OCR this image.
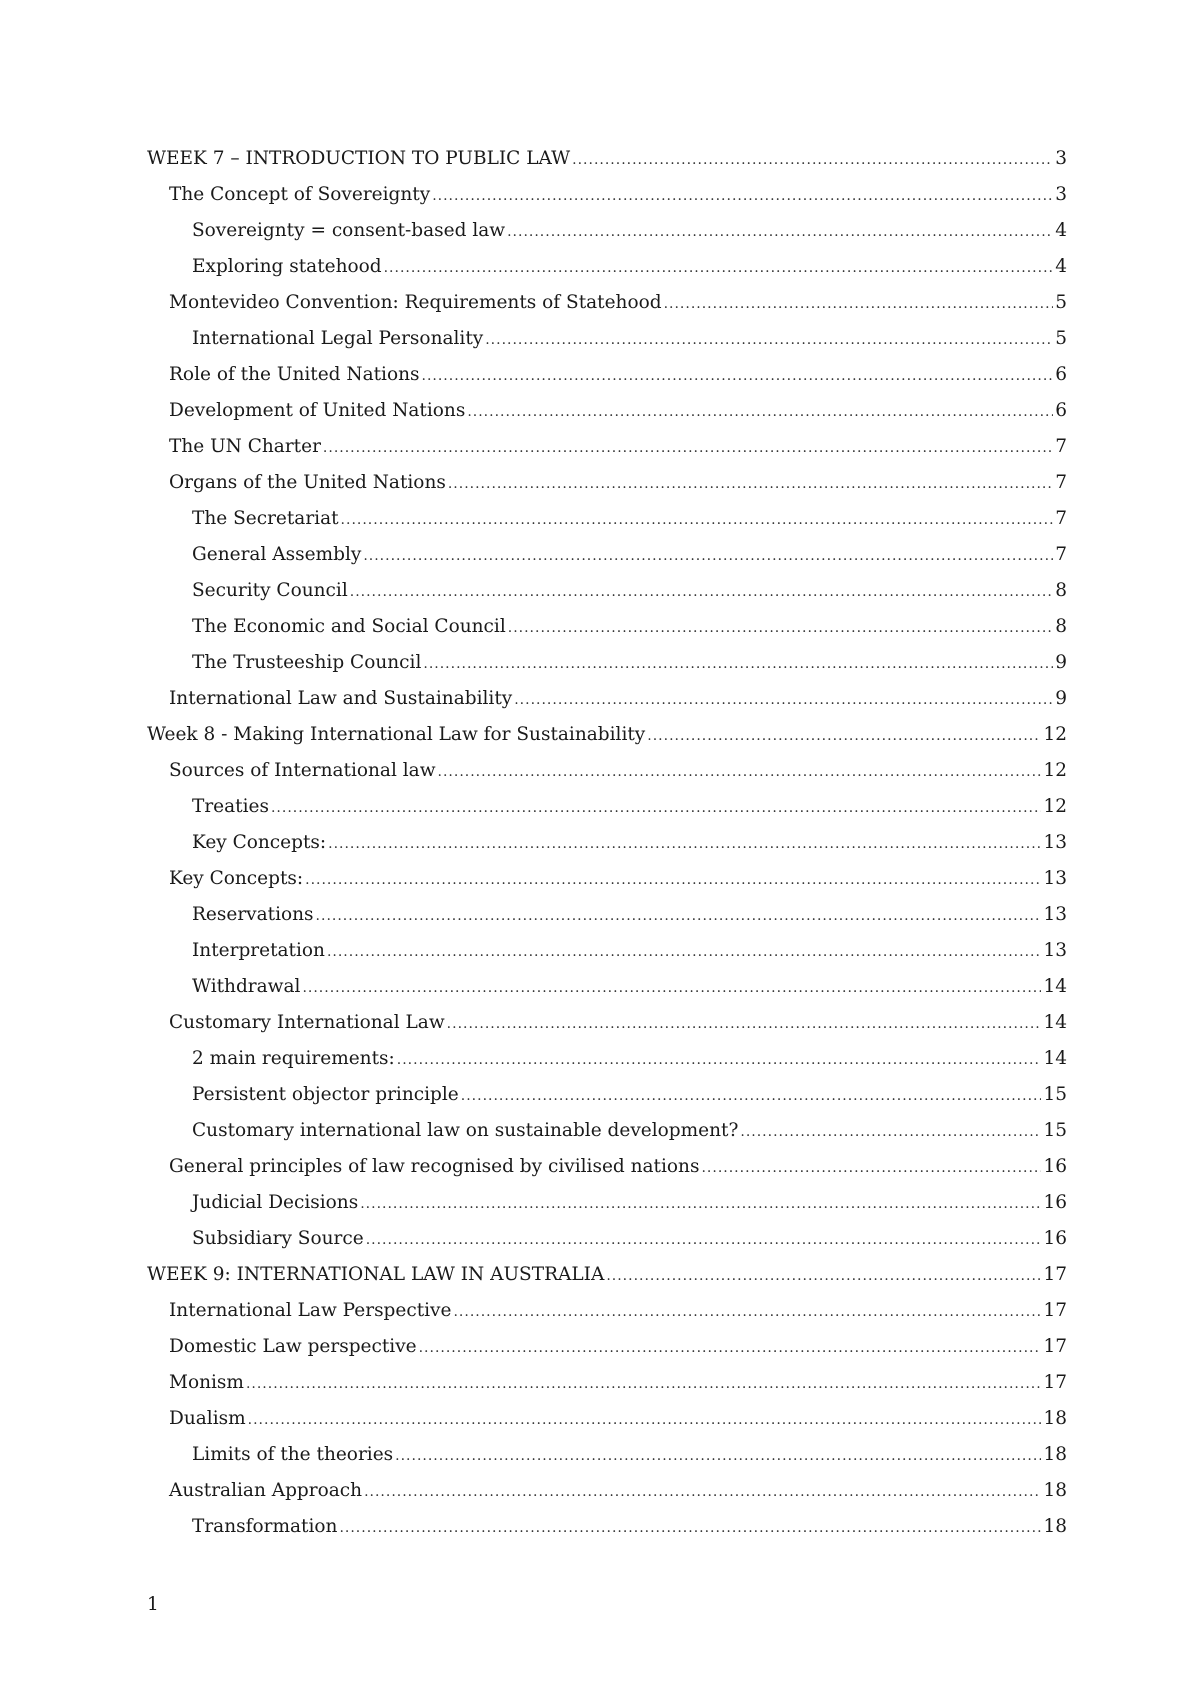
WEEK 7 – INTRODUCTION TO PUBLIC LAW .....	3
The Concept of Sovereignty .....	3
Sovereignty = consent-based law .....	4
Exploring statehood .....	4
Montevideo Convention: Requirements of Statehood .....	5
International Legal Personality .....	5
Role of the United Nations .....	6
Development of United Nations .....	6
The UN Charter .....	7
Organs of the United Nations .....	7
The Secretariat .....	7
General Assembly .....	7
Security Council .....	8
The Economic and Social Council .....	8
The Trusteeship Council .....	9
International Law and Sustainability .....	9
Week 8 - Making International Law for Sustainability .....	12
Sources of International law .....	12
Treaties .....	12
Key Concepts: .....	13
Key Concepts: .....	13
Reservations .....	13
Interpretation .....	13
Withdrawal .....	14
Customary International Law .....	14
2 main requirements: .....	14
Persistent objector principle .....	15
Customary international law on sustainable development? .....	15
General principles of law recognised by civilised nations .....	16
Judicial Decisions .....	16
Subsidiary Source .....	16
WEEK 9: INTERNATIONAL LAW IN AUSTRALIA .....	17
International Law Perspective .....	17
Domestic Law perspective .....	17
Monism .....	17
Dualism .....	18
Limits of the theories .....	18
Australian Approach .....	18
Transformation .....	18
1
